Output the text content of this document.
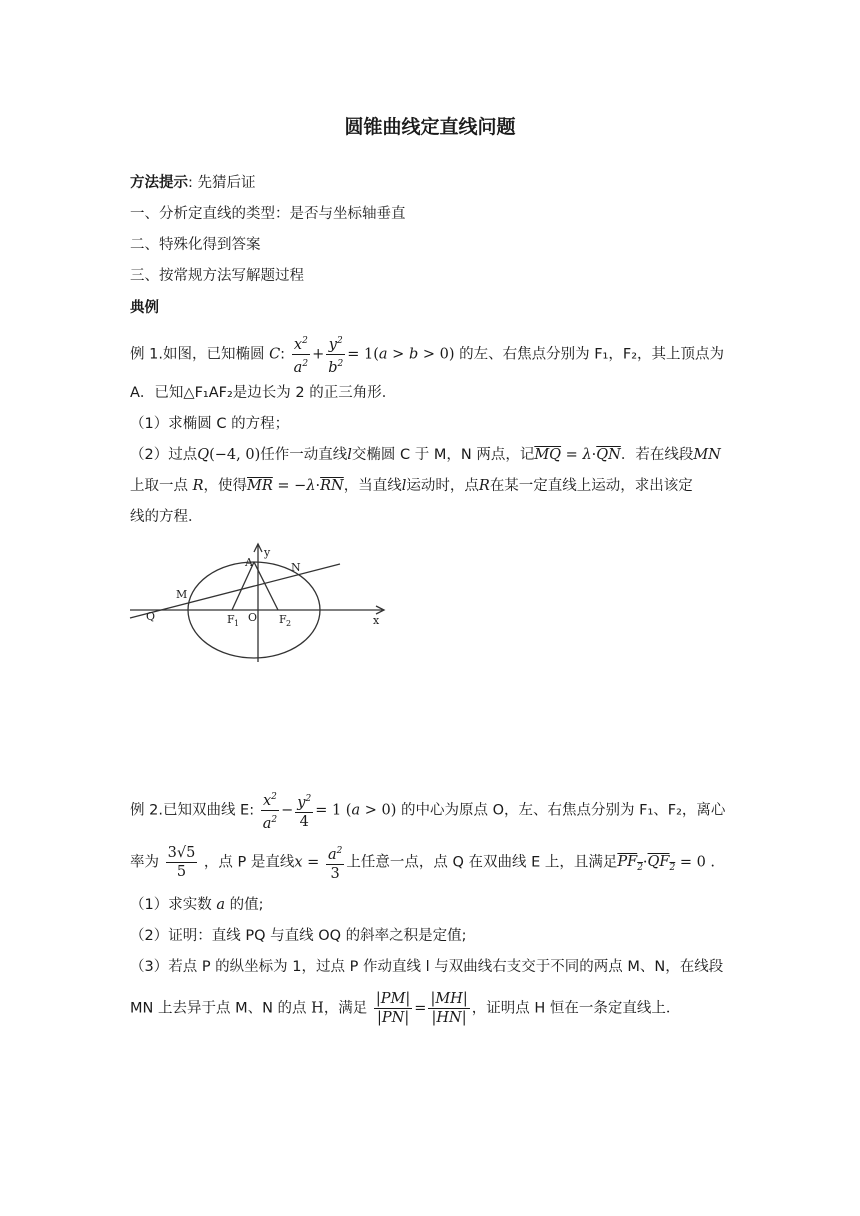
圆锥曲线定直线问题
方法提示: 先猜后证
一、分析定直线的类型：是否与坐标轴垂直
二、特殊化得到答案
三、按常规方法写解题过程
典例
例 1.如图，已知椭圆 C: $\frac{x^2}{a^2} + \frac{y^2}{b^2} = 1(a > b > 0)$ 的左、右焦点分别为 F₁，F₂，其上顶点为
A．已知△F₁AF₂是边长为 2 的正三角形．
（1）求椭圆 C 的方程；
（2）过点Q(−4, 0)任作一动直线l交椭圆 C 于 M，N 两点，记$\overline{MQ} = \lambda\cdot\overline{QN}$．若在线段MN
上取一点 R，使得$\overline{MR} = -\lambda\cdot\overline{RN}$，当直线l运动时，点R在某一定直线上运动，求出该定
线的方程．
y
x
A	N
M
Q	F 1 O F 2
例 2.已知双曲线 E: $\frac{x^2}{a^2} - \frac{y^2}{4} = 1$ (a > 0) 的中心为原点 O，左、右焦点分别为 F₁、F₂，离心
率为 $\frac{3√5}{5}$ ，点 P 是直线$x = \frac{a^2}{3}$ 上任意一点，点 Q 在双曲线 E 上，且满足$PF_2\cdot QF_2 = 0$ .
（1）求实数 a 的值;
（2）证明：直线 PQ 与直线 OQ 的斜率之积是定值;
（3）若点 P 的纵坐标为 1，过点 P 作动直线 l 与双曲线右支交于不同的两点 M、N，在线段
MN 上去异于点 M、N 的点 H，满足 $\frac{|PM|}{|PN|} = \frac{|MH|}{|HN|}$ ，证明点 H 恒在一条定直线上．
